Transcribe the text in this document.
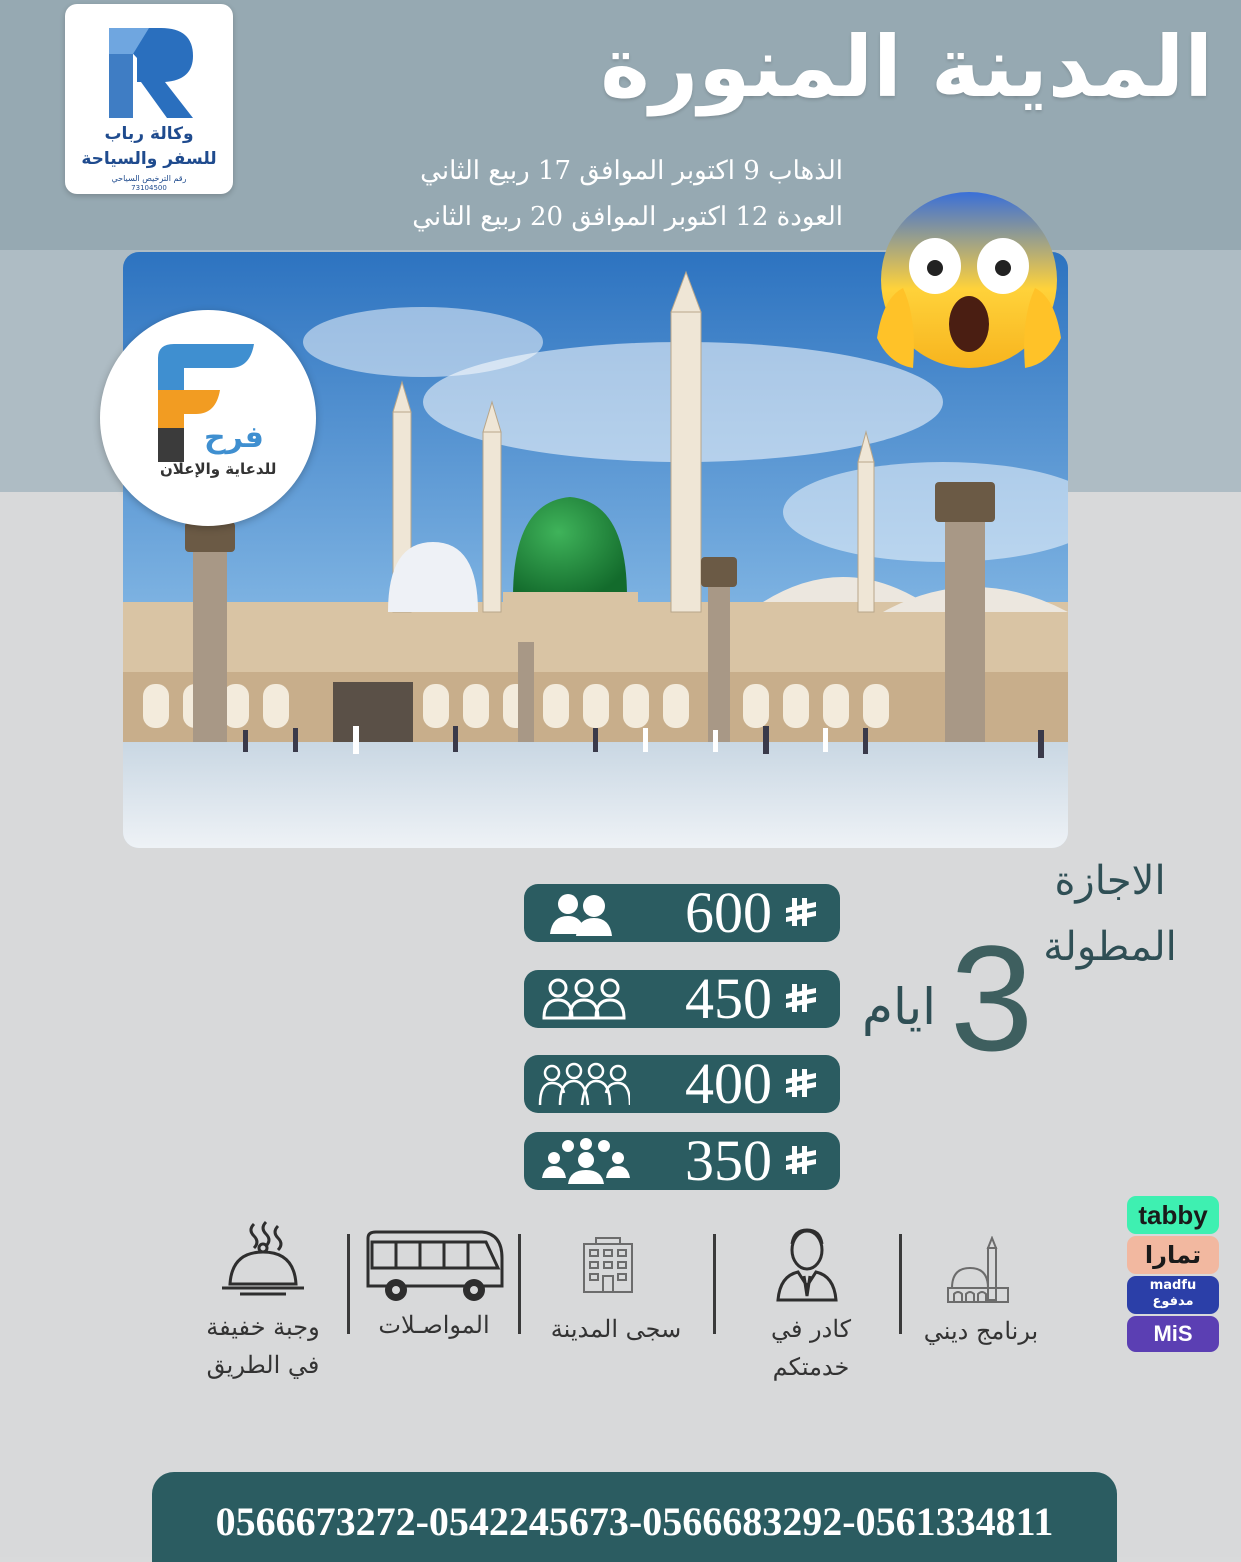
وكالة رباب
للسفر والسياحة
رقم الترخيص السياحي
73104500
المدينة المنورة
الذهاب 9 اكتوبر الموافق 17 ربيع الثاني
العودة 12 اكتوبر الموافق 20 ربيع الثاني
فرح
للدعاية والإعلان
الاجازة
المطولة
3
ايام
600
450
400
350
وجبة خفيفة
في الطريق
المواصـلات	سجى المدينة	كادر في
خدمتكم
برنامج ديني
tabby
تمارا
madfu
مدفوع
MiS
0566673272-0542245673-0566683292-0561334811
